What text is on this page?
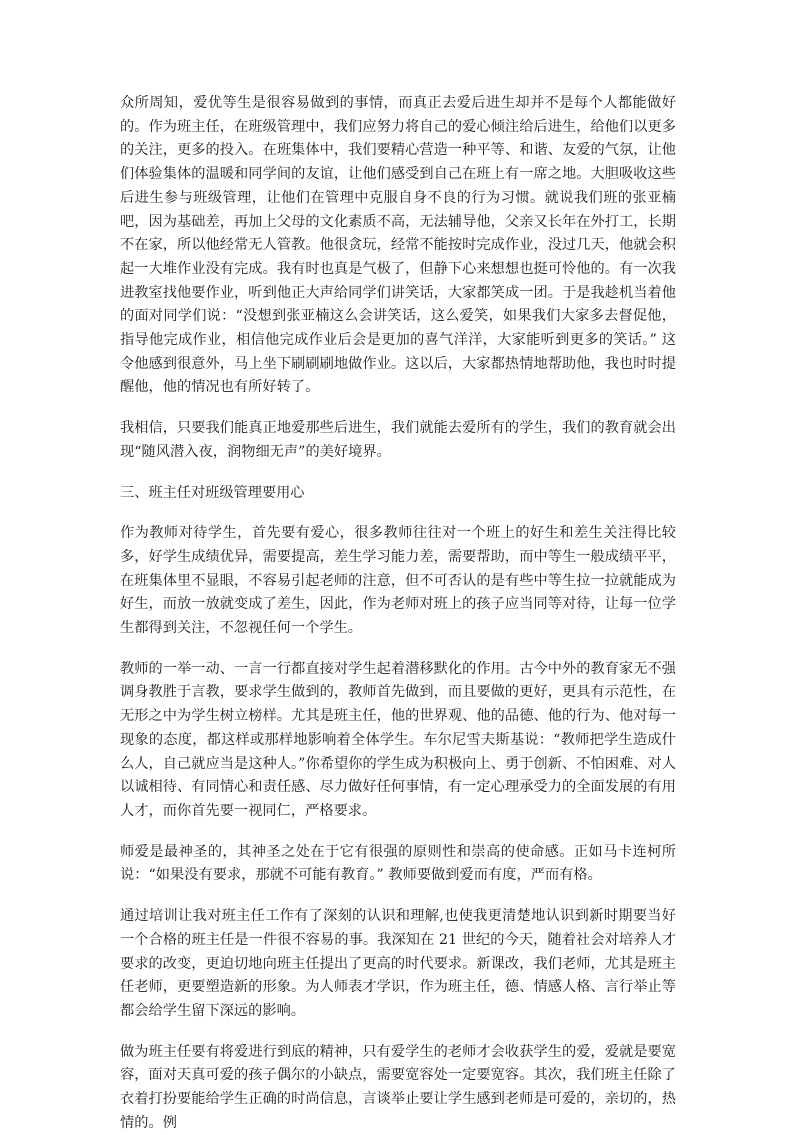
众所周知，爱优等生是很容易做到的事情，而真正去爱后进生却并不是每个人都能做好的。作为班主任，在班级管理中，我们应努力将自己的爱心倾注给后进生，给他们以更多的关注，更多的投入。在班集体中，我们要精心营造一种平等、和谐、友爱的气氛，让他们体验集体的温暖和同学间的友谊，让他们感受到自己在班上有一席之地。大胆吸收这些后进生参与班级管理，让他们在管理中克服自身不良的行为习惯。就说我们班的张亚楠吧，因为基础差，再加上父母的文化素质不高，无法辅导他，父亲又长年在外打工，长期不在家，所以他经常无人管教。他很贪玩，经常不能按时完成作业，没过几天，他就会积起一大堆作业没有完成。我有时也真是气极了，但静下心来想想也挺可怜他的。有一次我进教室找他要作业，听到他正大声给同学们讲笑话，大家都笑成一团。于是我趁机当着他的面对同学们说：“没想到张亚楠这么会讲笑话，这么爱笑，如果我们大家多去督促他，指导他完成作业，相信他完成作业后会是更加的喜气洋洋，大家能听到更多的笑话。” 这令他感到很意外，马上坐下刷刷刷地做作业。这以后，大家都热情地帮助他，我也时时提醒他，他的情况也有所好转了。

我相信，只要我们能真正地爱那些后进生，我们就能去爱所有的学生，我们的教育就会出现“随风潜入夜，润物细无声”的美好境界。

三、班主任对班级管理要用心

作为教师对待学生，首先要有爱心，很多教师往往对一个班上的好生和差生关注得比较多，好学生成绩优异，需要提高，差生学习能力差，需要帮助，而中等生一般成绩平平，在班集体里不显眼，不容易引起老师的注意，但不可否认的是有些中等生拉一拉就能成为好生，而放一放就变成了差生，因此，作为老师对班上的孩子应当同等对待，让每一位学生都得到关注，不忽视任何一个学生。

教师的一举一动、一言一行都直接对学生起着潜移默化的作用。古今中外的教育家无不强调身教胜于言教，要求学生做到的，教师首先做到，而且要做的更好，更具有示范性，在无形之中为学生树立榜样。尤其是班主任，他的世界观、他的品德、他的行为、他对每一现象的态度，都这样或那样地影响着全体学生。车尔尼雪夫斯基说：“教师把学生造成什么人，自己就应当是这种人。”你希望你的学生成为积极向上、勇于创新、不怕困难、对人以诚相待、有同情心和责任感、尽力做好任何事情，有一定心理承受力的全面发展的有用人才，而你首先要一视同仁，严格要求。

师爱是最神圣的，其神圣之处在于它有很强的原则性和崇高的使命感。正如马卡连柯所说：“如果没有要求，那就不可能有教育。” 教师要做到爱而有度，严而有格。

通过培训让我对班主任工作有了深刻的认识和理解,也使我更清楚地认识到新时期要当好一个合格的班主任是一件很不容易的事。我深知在 21 世纪的今天，随着社会对培养人才要求的改变，更迫切地向班主任提出了更高的时代要求。新课改，我们老师，尤其是班主任老师，更要塑造新的形象。为人师表才学识，作为班主任，德、情感人格、言行举止等都会给学生留下深远的影响。

做为班主任要有将爱进行到底的精神，只有爱学生的老师才会收获学生的爱，爱就是要宽容，面对天真可爱的孩子偶尔的小缺点，需要宽容处一定要宽容。其次，我们班主任除了衣着打扮要能给学生正确的时尚信息，言谈举止要让学生感到老师是可爱的，亲切的，热情的。例
